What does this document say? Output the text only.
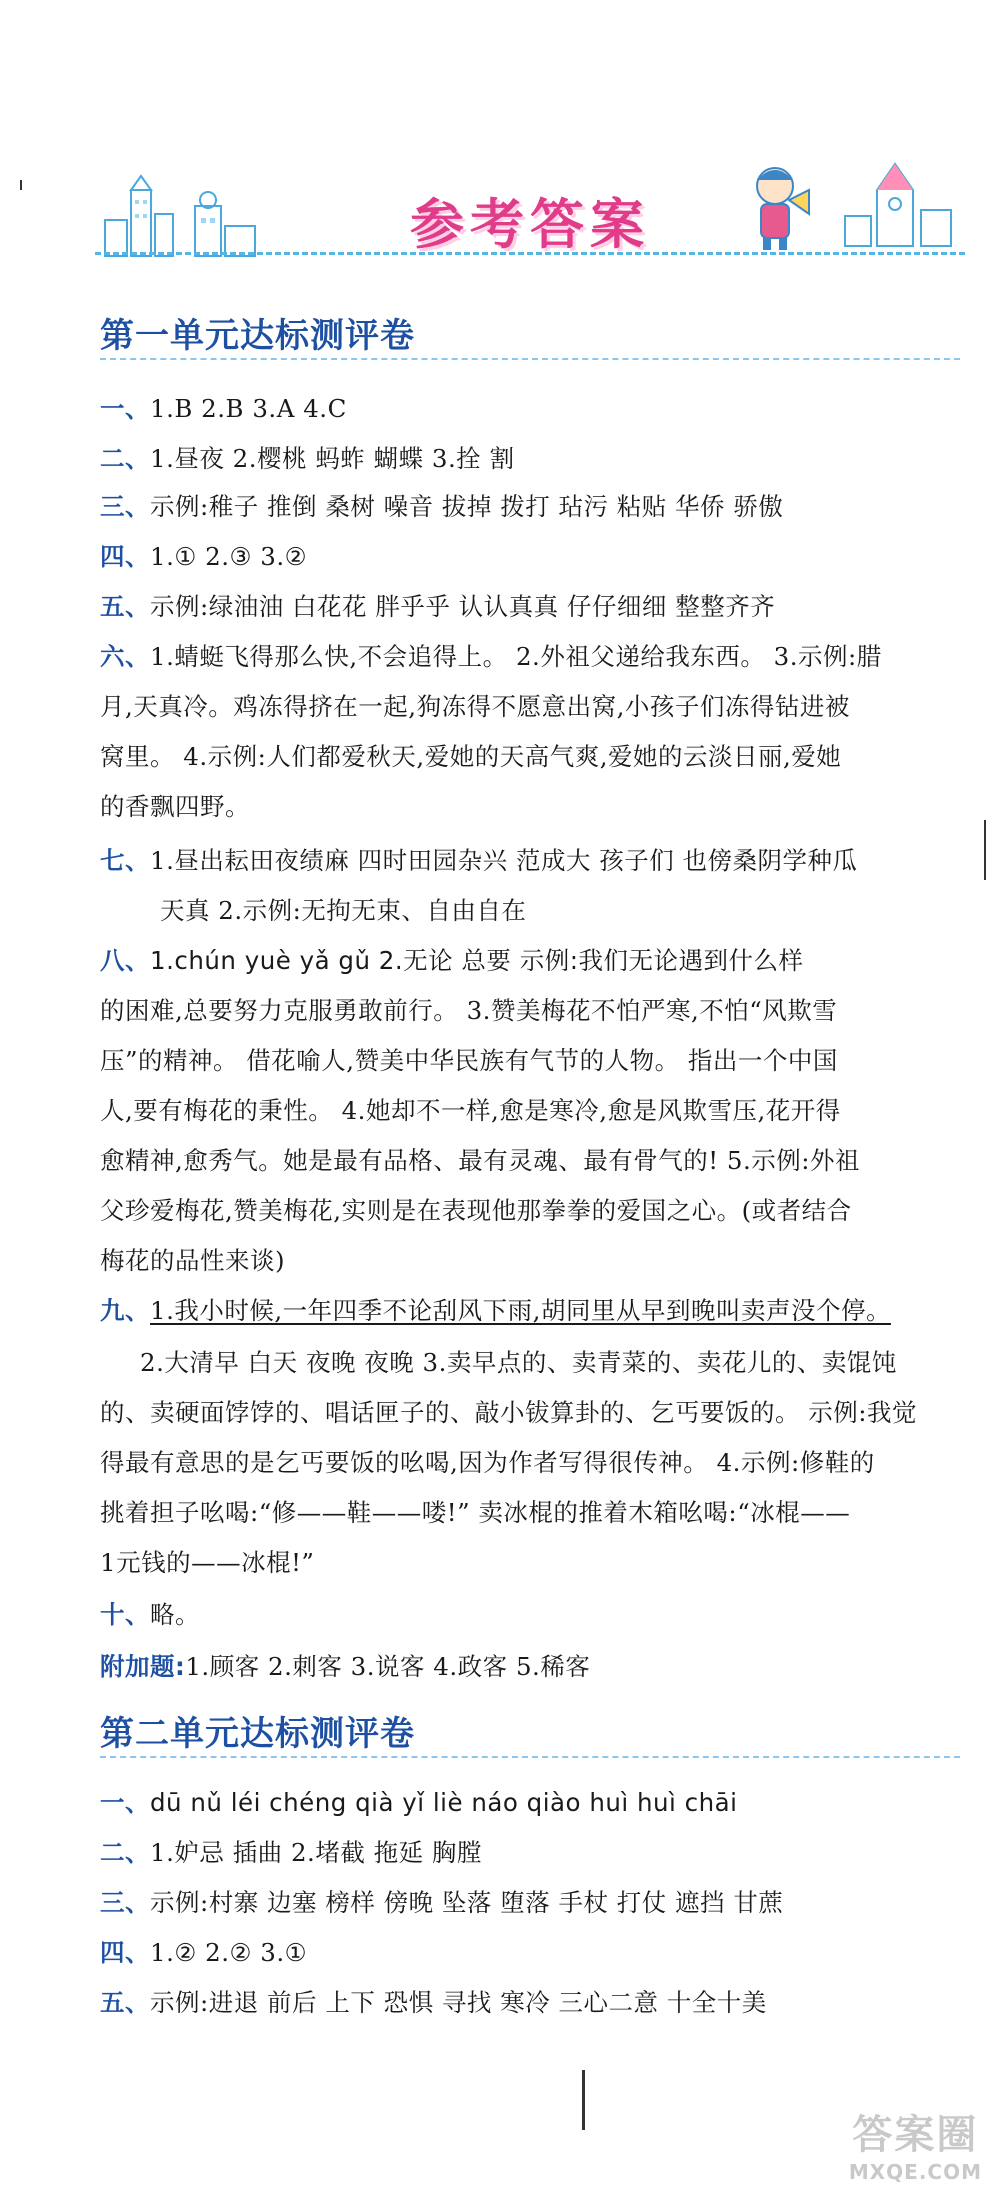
参考答案
第一单元达标测评卷
一、1.B 2.B 3.A 4.C
二、1.昼夜 2.樱桃 蚂蚱 蝴蝶 3.拴 割
三、示例:稚子 推倒 桑树 噪音 拔掉 拨打 玷污 粘贴 华侨 骄傲
四、1.① 2.③ 3.②
五、示例:绿油油 白花花 胖乎乎 认认真真 仔仔细细 整整齐齐
六、1.蜻蜓飞得那么快,不会追得上。 2.外祖父递给我东西。 3.示例:腊
月,天真冷。鸡冻得挤在一起,狗冻得不愿意出窝,小孩子们冻得钻进被
窝里。 4.示例:人们都爱秋天,爱她的天高气爽,爱她的云淡日丽,爱她
的香飘四野。
七、1.昼出耘田夜绩麻 四时田园杂兴 范成大 孩子们 也傍桑阴学种瓜
天真 2.示例:无拘无束、自由自在
八、1.chún yuè yǎ gǔ 2.无论 总要 示例:我们无论遇到什么样
的困难,总要努力克服勇敢前行。 3.赞美梅花不怕严寒,不怕“风欺雪
压”的精神。 借花喻人,赞美中华民族有气节的人物。 指出一个中国
人,要有梅花的秉性。 4.她却不一样,愈是寒冷,愈是风欺雪压,花开得
愈精神,愈秀气。她是最有品格、最有灵魂、最有骨气的! 5.示例:外祖
父珍爱梅花,赞美梅花,实则是在表现他那拳拳的爱国之心。(或者结合
梅花的品性来谈)
九、1.我小时候,一年四季不论刮风下雨,胡同里从早到晚叫卖声没个停。
2.大清早 白天 夜晚 夜晚 3.卖早点的、卖青菜的、卖花儿的、卖馄饨
的、卖硬面饽饽的、唱话匣子的、敲小钹算卦的、乞丐要饭的。 示例:我觉
得最有意思的是乞丐要饭的吆喝,因为作者写得很传神。 4.示例:修鞋的
挑着担子吆喝:“修——鞋——喽!” 卖冰棍的推着木箱吆喝:“冰棍——
1元钱的——冰棍!”
十、略。
附加题:1.顾客 2.刺客 3.说客 4.政客 5.稀客
第二单元达标测评卷
一、dū nǔ léi chéng qià yǐ liè náo qiào huì huì chāi
二、1.妒忌 插曲 2.堵截 拖延 胸膛
三、示例:村寨 边塞 榜样 傍晚 坠落 堕落 手杖 打仗 遮挡 甘蔗
四、1.② 2.② 3.①
五、示例:进退 前后 上下 恐惧 寻找 寒冷 三心二意 十全十美
答案圈
MXQE.COM
